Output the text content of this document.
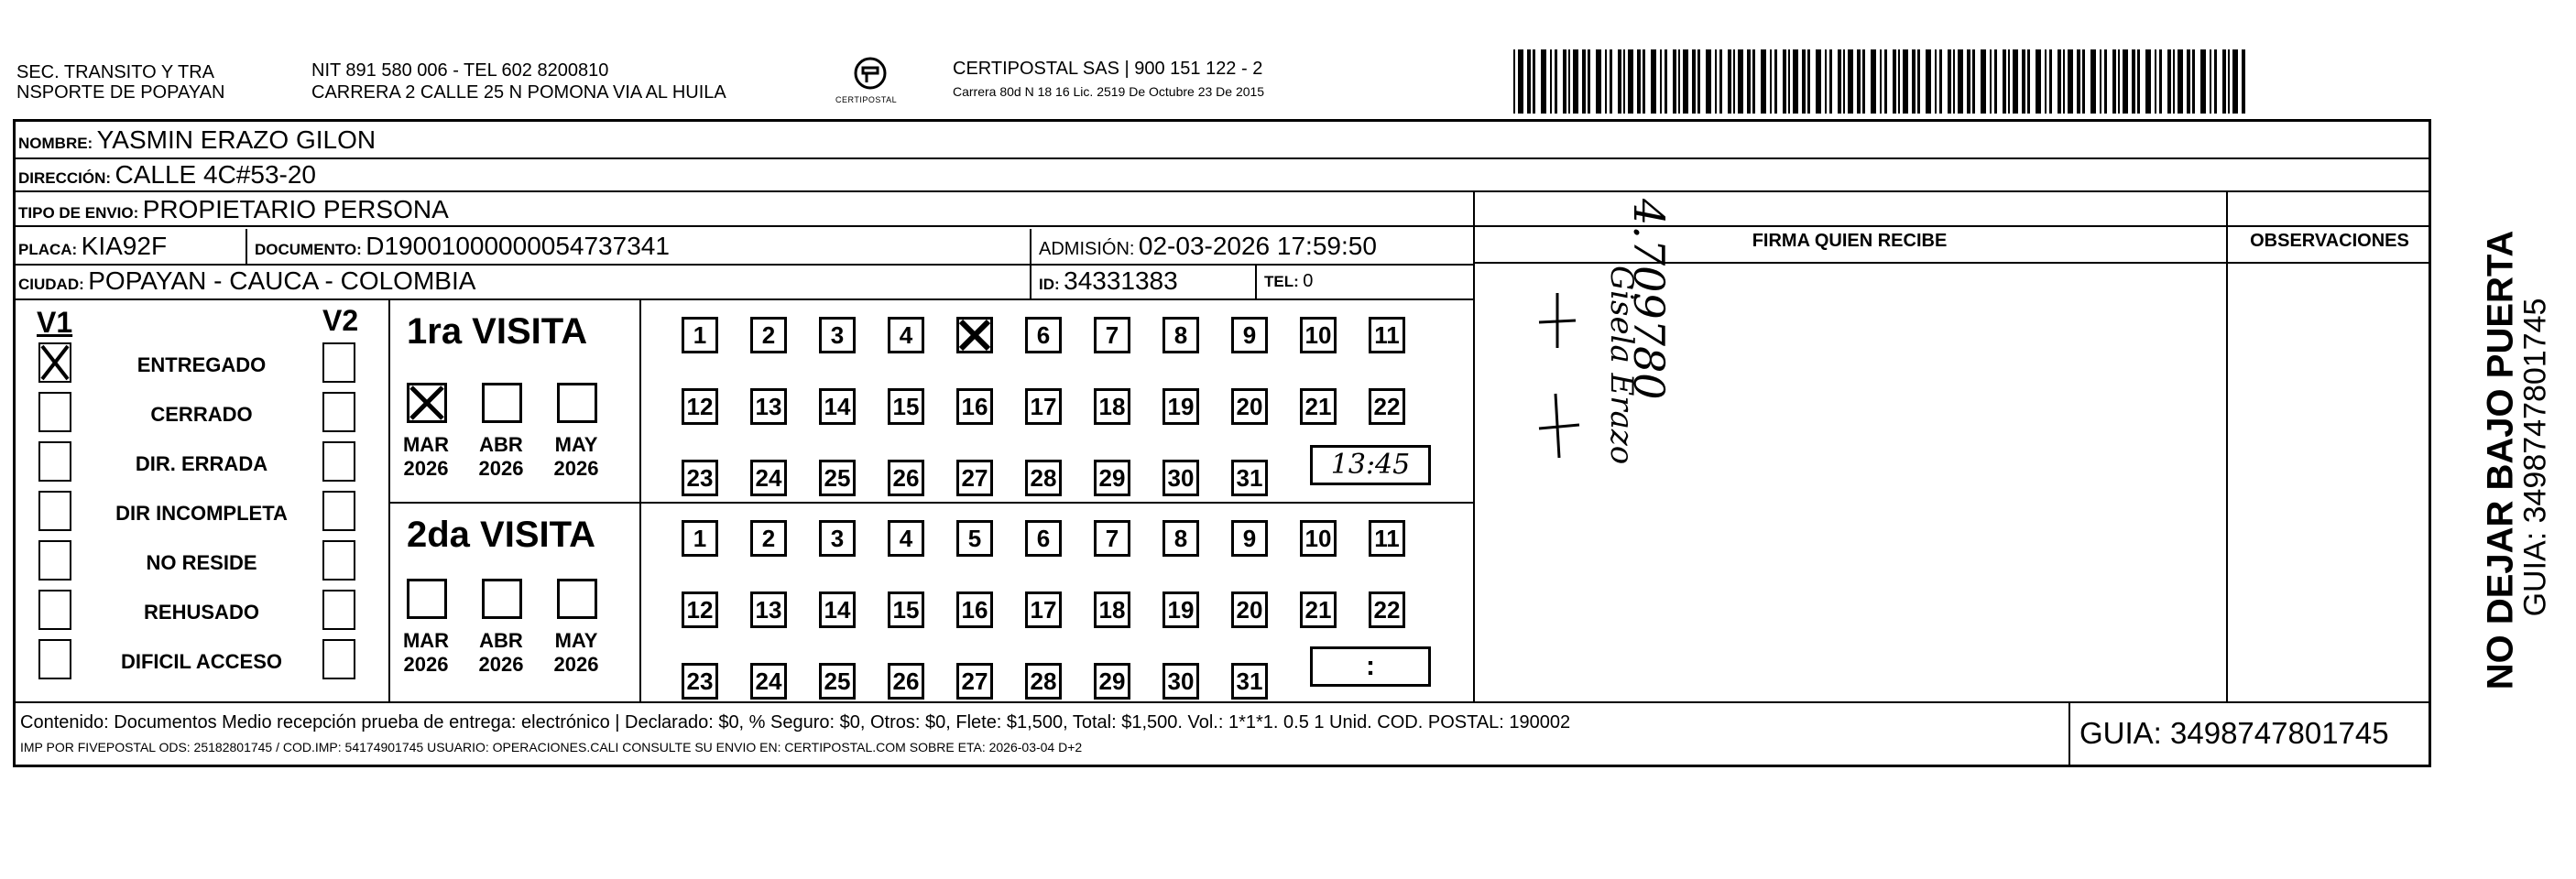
SEC. TRANSITO Y TRA
NSPORTE DE POPAYAN
NIT 891 580 006 - TEL 602 8200810
CARRERA 2 CALLE 25 N POMONA VIA AL HUILA	CERTIPOSTAL
CERTIPOSTAL SAS | 900 151 122 - 2
Carrera 80d N 18 16 Lic. 2519 De Octubre 23 De 2015
NOMBRE: YASMIN ERAZO GILON
DIRECCIÓN: CALLE 4C#53-20
TIPO DE ENVIO: PROPIETARIO PERSONA
PLACA: KIA92F	DOCUMENTO: D19001000000054737341	ADMISIÓN: 02-03-2026 17:59:50
CIUDAD: POPAYAN - CAUCA - COLOMBIA	ID: 34331383	TEL: 0
FIRMA QUIEN RECIBE	OBSERVACIONES
V1	V2
ENTREGADO
CERRADO
DIR. ERRADA
DIR INCOMPLETA
NO RESIDE
REHUSADO
DIFICIL ACCESO
1ra VISITA
2da VISITA
MAR
2026
ABR
2026
MAY
2026
MAR
2026
ABR
2026
MAY
2026
1	2	3	4	6	7	8	9	10 11
12 13 14 15 16 17 18 19 20 21 22
23 24 25 26 27 28 29 30 31
1	2	3	4	5	6	7	8	9	10 11
12 13 14 15 16 17 18 19 20 21 22
23 24 25 26 27 28 29 30 31
13:45
:
Gisela Erazo
4.709780
Contenido: Documentos Medio recepción prueba de entrega: electrónico | Declarado: $0, % Seguro: $0, Otros: $0, Flete: $1,500, Total: $1,500. Vol.: 1*1*1. 0.5 1 Unid. COD. POSTAL: 190002
IMP POR FIVEPOSTAL ODS: 25182801745 / COD.IMP: 54174901745 USUARIO: OPERACIONES.CALI CONSULTE SU ENVIO EN: CERTIPOSTAL.COM SOBRE ETA: 2026-03-04 D+2	GUIA: 3498747801745
NO DEJAR BAJO PUERTA
GUIA: 3498747801745
